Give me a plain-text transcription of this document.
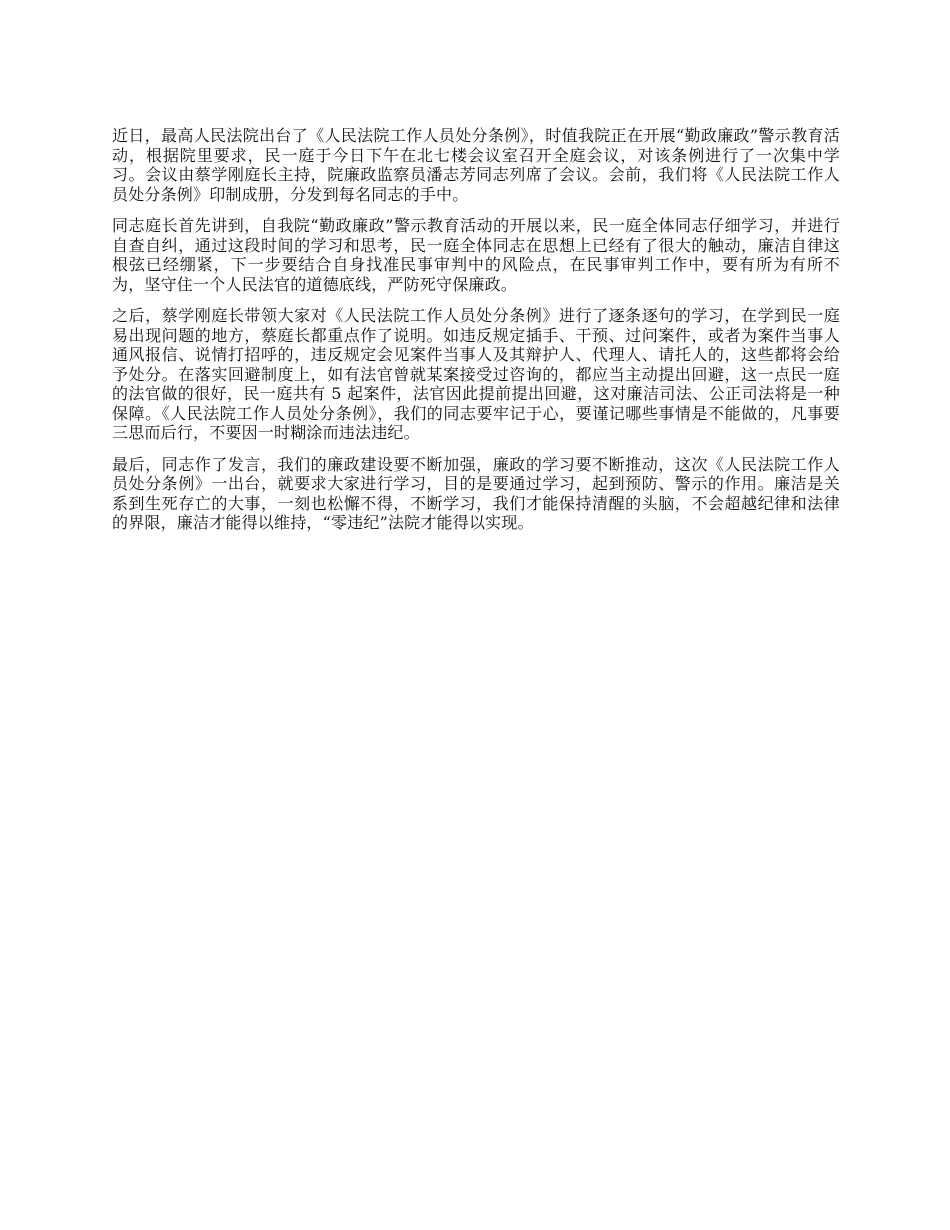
近日，最高人民法院出台了《人民法院工作人员处分条例》，时值我院正在开展“勤政廉政”警示教育活动，根据院里要求，民一庭于今日下午在北七楼会议室召开全庭会议，对该条例进行了一次集中学习。会议由蔡学刚庭长主持，院廉政监察员潘志芳同志列席了会议。会前，我们将《人民法院工作人员处分条例》印制成册，分发到每名同志的手中。

同志庭长首先讲到，自我院“勤政廉政”警示教育活动的开展以来，民一庭全体同志仔细学习，并进行自查自纠，通过这段时间的学习和思考，民一庭全体同志在思想上已经有了很大的触动，廉洁自律这根弦已经绷紧，下一步要结合自身找准民事审判中的风险点，在民事审判工作中，要有所为有所不为，坚守住一个人民法官的道德底线，严防死守保廉政。

之后，蔡学刚庭长带领大家对《人民法院工作人员处分条例》进行了逐条逐句的学习，在学到民一庭易出现问题的地方，蔡庭长都重点作了说明。如违反规定插手、干预、过问案件，或者为案件当事人通风报信、说情打招呼的，违反规定会见案件当事人及其辩护人、代理人、请托人的，这些都将会给予处分。在落实回避制度上，如有法官曾就某案接受过咨询的，都应当主动提出回避，这一点民一庭的法官做的很好，民一庭共有 5 起案件，法官因此提前提出回避，这对廉洁司法、公正司法将是一种保障。《人民法院工作人员处分条例》，我们的同志要牢记于心，要谨记哪些事情是不能做的，凡事要三思而后行，不要因一时糊涂而违法违纪。

最后，同志作了发言，我们的廉政建设要不断加强，廉政的学习要不断推动，这次《人民法院工作人员处分条例》一出台，就要求大家进行学习，目的是要通过学习，起到预防、警示的作用。廉洁是关系到生死存亡的大事，一刻也松懈不得，不断学习，我们才能保持清醒的头脑，不会超越纪律和法律的界限，廉洁才能得以维持，“零违纪”法院才能得以实现。
